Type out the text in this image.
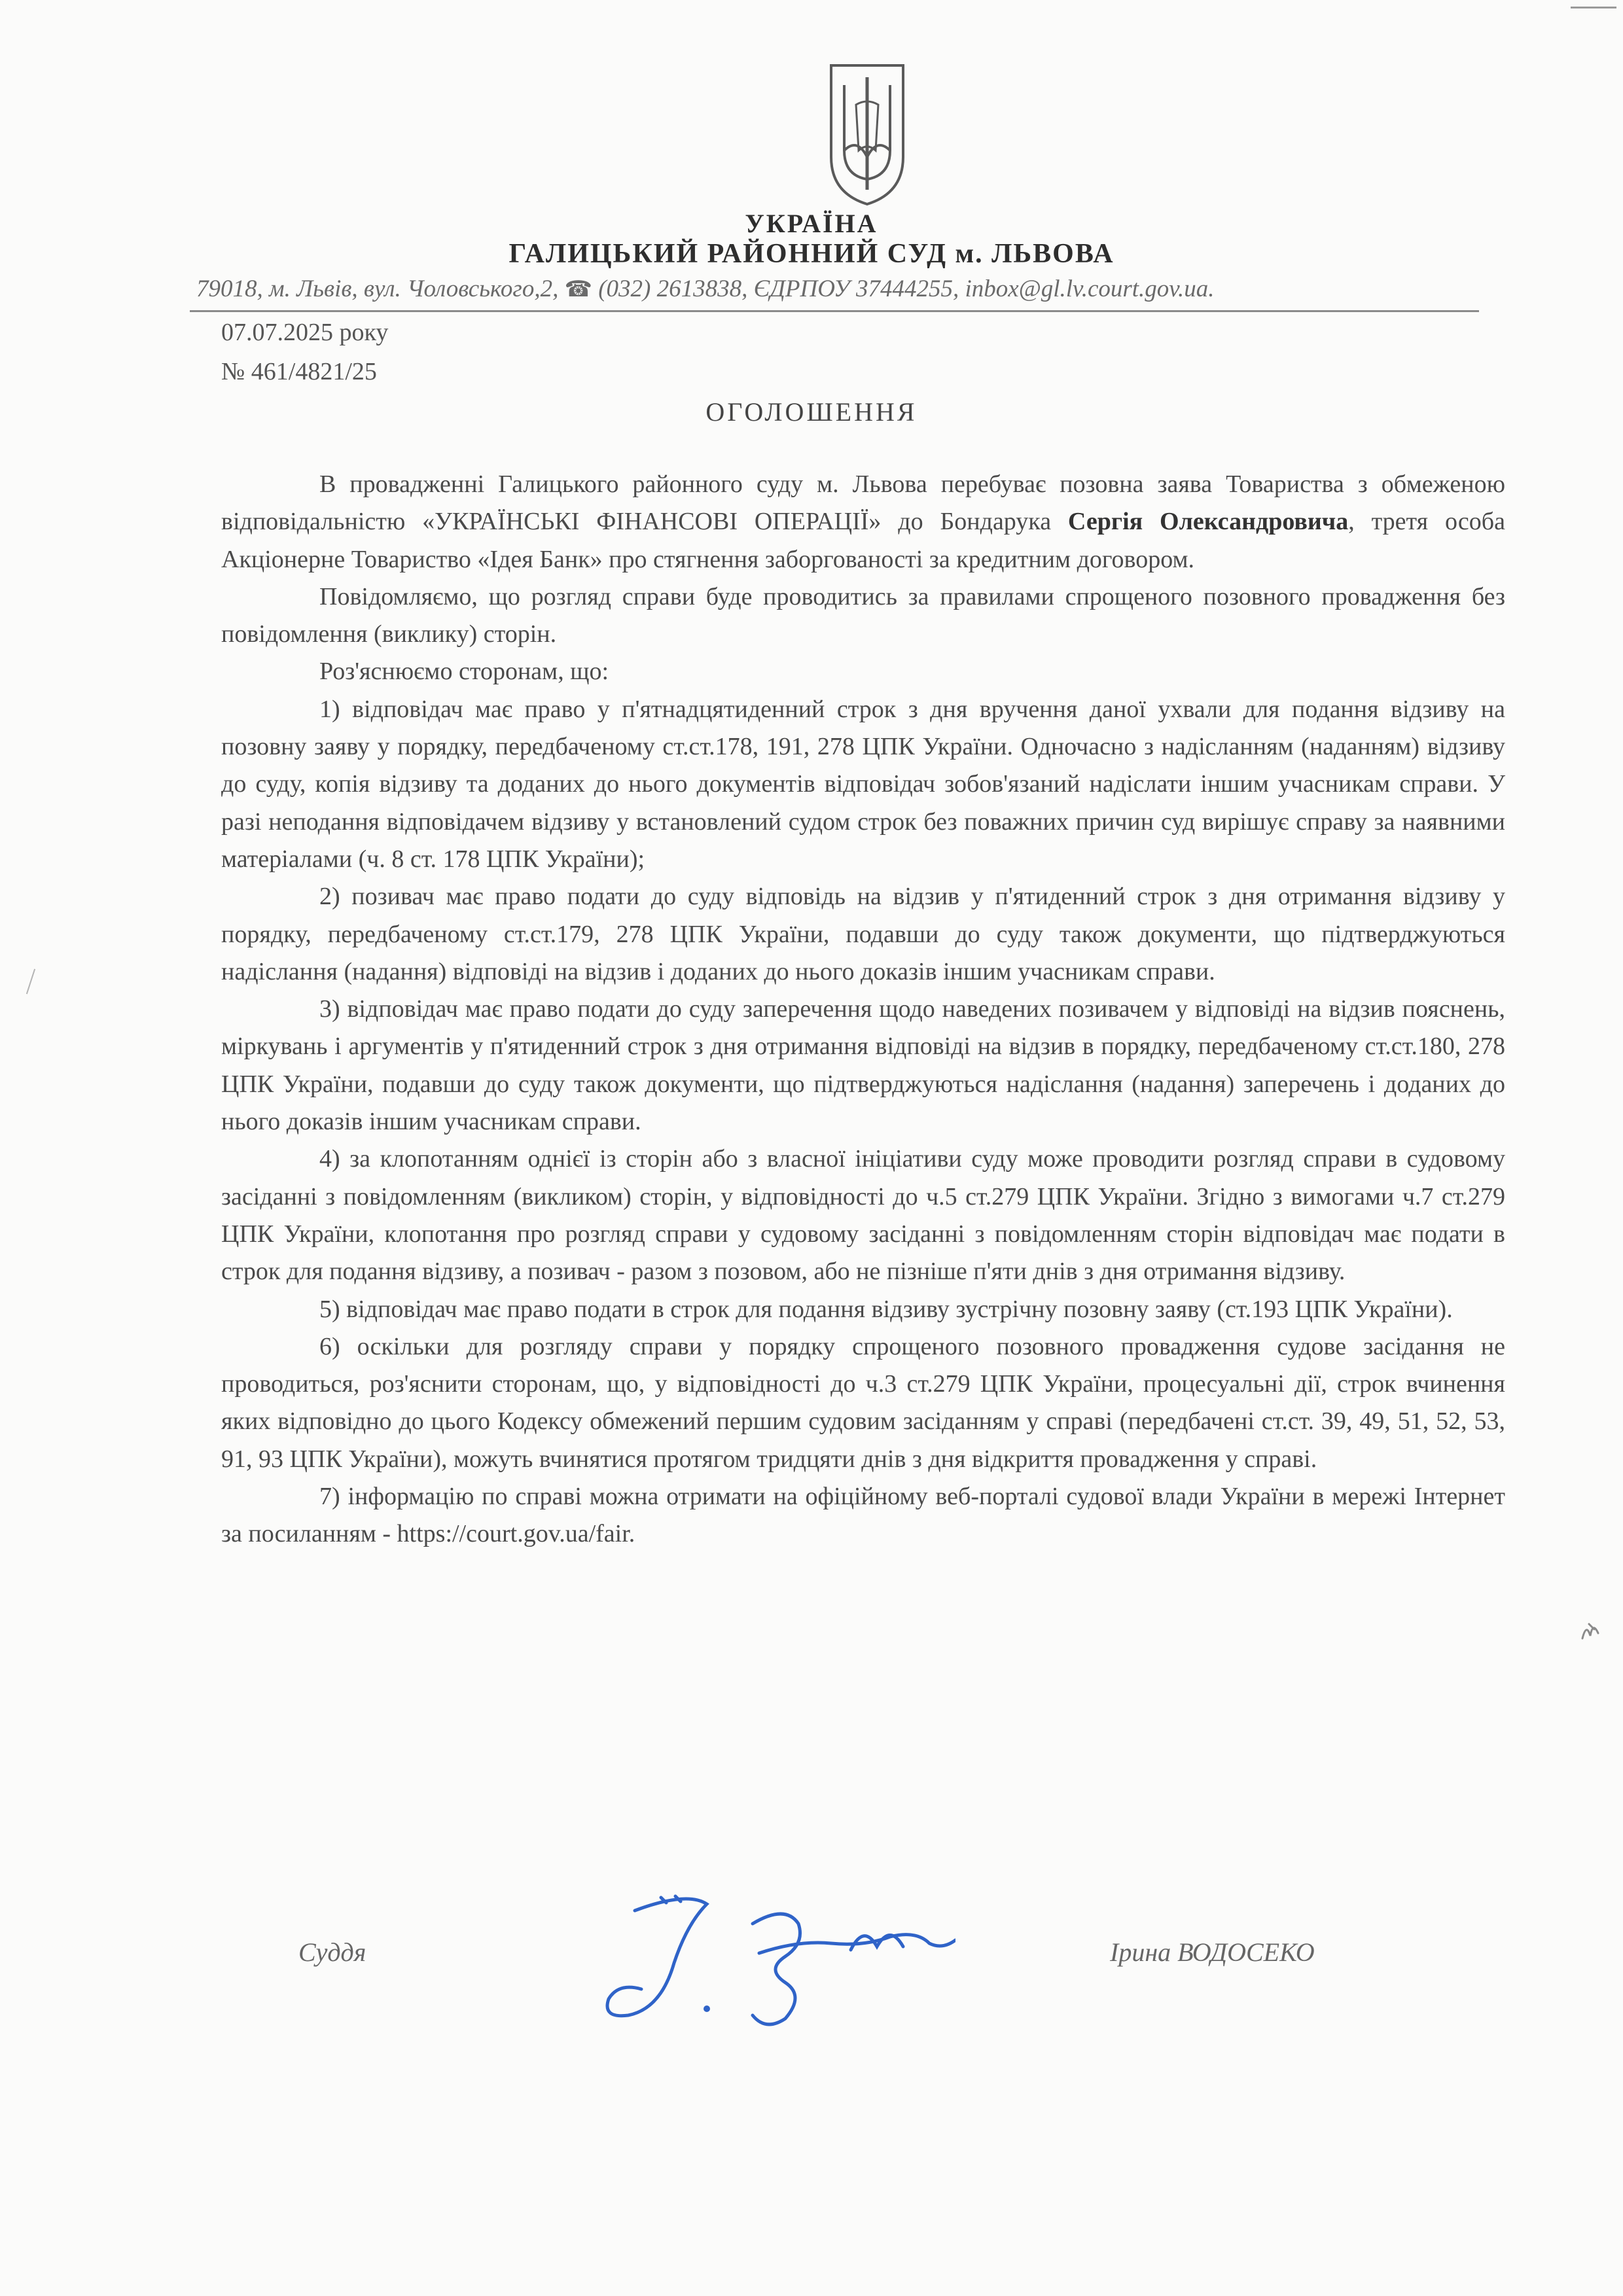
УКРАЇНА
ГАЛИЦЬКИЙ РАЙОННИЙ СУД м. ЛЬВОВА
79018, м. Львів, вул. Чоловського,2, ☎ (032) 2613838, ЄДРПОУ 37444255, inbox@gl.lv.court.gov.ua.
07.07.2025 року
№ 461/4821/25
ОГОЛОШЕННЯ

В провадженні Галицького районного суду м. Львова перебуває позовна заява Товариства з обмеженою відповідальністю «УКРАЇНСЬКІ ФІНАНСОВІ ОПЕРАЦІЇ» до Бондарука Сергія Олександровича, третя особа Акціонерне Товариство «Ідея Банк» про стягнення заборгованості за кредитним договором.

Повідомляємо, що розгляд справи буде проводитись за правилами спрощеного позовного провадження без повідомлення (виклику) сторін.

Роз'яснюємо сторонам, що:

1) відповідач має право у п'ятнадцятиденний строк з дня вручення даної ухвали для подання відзиву на позовну заяву у порядку, передбаченому ст.ст.178, 191, 278 ЦПК України. Одночасно з надісланням (наданням) відзиву до суду, копія відзиву та доданих до нього документів відповідач зобов'язаний надіслати іншим учасникам справи. У разі неподання відповідачем відзиву у встановлений судом строк без поважних причин суд вирішує справу за наявними матеріалами (ч. 8 ст. 178 ЦПК України);

2) позивач має право подати до суду відповідь на відзив у п'ятиденний строк з дня отримання відзиву у порядку, передбаченому ст.ст.179, 278 ЦПК України, подавши до суду також документи, що підтверджуються надіслання (надання) відповіді на відзив і доданих до нього доказів іншим учасникам справи.

3) відповідач має право подати до суду заперечення щодо наведених позивачем у відповіді на відзив пояснень, міркувань і аргументів у п'ятиденний строк з дня отримання відповіді на відзив в порядку, передбаченому ст.ст.180, 278 ЦПК України, подавши до суду також документи, що підтверджуються надіслання (надання) заперечень і доданих до нього доказів іншим учасникам справи.

4) за клопотанням однієї із сторін або з власної ініціативи суду може проводити розгляд справи в судовому засіданні з повідомленням (викликом) сторін, у відповідності до ч.5 ст.279 ЦПК України. Згідно з вимогами ч.7 ст.279 ЦПК України, клопотання про розгляд справи у судовому засіданні з повідомленням сторін відповідач має подати в строк для подання відзиву, а позивач - разом з позовом, або не пізніше п'яти днів з дня отримання відзиву.

5) відповідач має право подати в строк для подання відзиву зустрічну позовну заяву (ст.193 ЦПК України).

6) оскільки для розгляду справи у порядку спрощеного позовного провадження судове засідання не проводиться, роз'яснити сторонам, що, у відповідності до ч.3 ст.279 ЦПК України, процесуальні дії, строк вчинення яких відповідно до цього Кодексу обмежений першим судовим засіданням у справі (передбачені ст.ст. 39, 49, 51, 52, 53, 91, 93 ЦПК України), можуть вчинятися протягом тридцяти днів з дня відкриття провадження у справі.

7) інформацію по справі можна отримати на офіційному веб-порталі судової влади України в мережі Інтернет за посиланням - https://court.gov.ua/fair.

Суддя	Ірина ВОДОСЕКО
